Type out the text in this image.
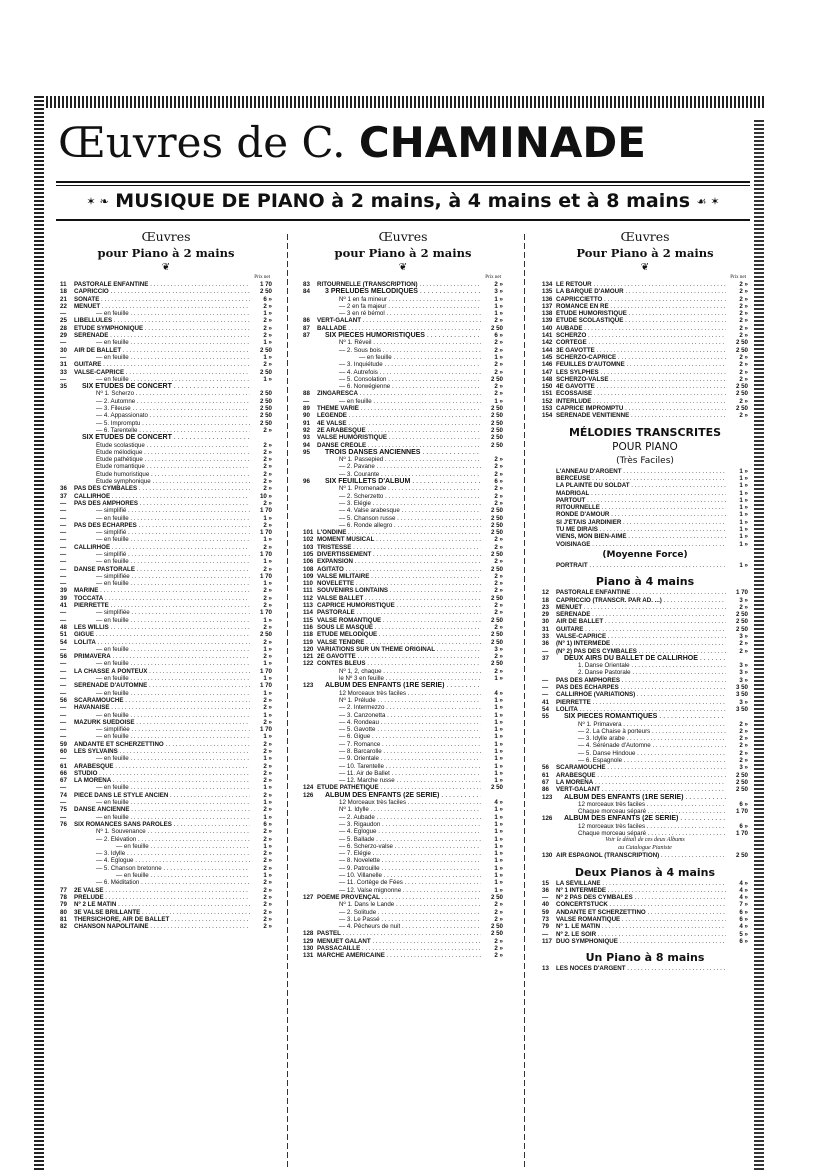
Œuvres de C. CHAMINADE
✶ ❧ MUSIQUE DE PIANO à 2 mains, à 4 mains et à 8 mains ☙ ✶
Œuvres
pour Piano à 2 mains
❦
Prix net
11	PASTORALE ENFANTINE . . .	1 70
18	CAPRICCIO . . .	2 50
21	SONATE . . .	6 »
22	MENUET . . .	2 »
—	— en feuille . . .	1 »
25	LIBELLULES . . .	2 »
28	ÉTUDE SYMPHONIQUE . . .	2 »
29	SÉRÉNADE . . .	2 »
—	— en feuille . . .	1 »
30	AIR DE BALLET . . .	2 50
—	— en feuille . . .	1 »
31	GUITARE . . .	2 »
33	VALSE-CAPRICE . . .	2 50
—	— en feuille . . .	1 »
35	SIX ÉTUDES DE CONCERT . . .
Nº 1. Scherzo . . .	2 50
— 2. Automne . . .	2 50
— 3. Fileuse . . .	2 50
— 4. Appassionato . . .	2 50
— 5. Impromptu . . .	2 50
— 6. Tarentelle . . .	2 »
SIX ÉTUDES DE CONCERT . . .
Étude scolastique . . .	2 »
Étude mélodique . . .	2 »
Étude pathétique . . .	2 »
Étude romantique . . .	2 »
Étude humoristique . . .	2 »
Étude symphonique . . .	2 »
36	PAS DES CYMBALES . . .	2 »
37	CALLIRHOË . . .	10 »
—	PAS DES AMPHORES . . .	2 »
—	— simplifié . . .	1 70
—	— en feuille . . .	1 »
—	PAS DES ÉCHARPES . . .	2 »
—	— simplifié . . .	1 70
—	— en feuille . . .	1 »
—	CALLIRHOË . . .	2 »
—	— simplifié . . .	1 70
—	— en feuille . . .	1 »
—	DANSE PASTORALE . . .	2 »
—	— simplifiée . . .	1 70
—	— en feuille . . .	1 »
39	MARINE . . .	2 »
39	TOCCATA . . .	2 »
41	PIERRETTE . . .	2 »
—	— simplifiée . . .	1 70
—	— en feuille . . .	1 »
48	LES WILLIS . . .	2 »
51	GIGUE . . .	2 50
54	LOLITA . . .	2 »
—	— en feuille . . .	1 »
56	PRIMAVERA . . .	2 »
—	— en feuille . . .	1 »
—	LA CHASSE À PONTEUX . . .	1 70
—	— en feuille . . .	1 »
—	SÉRÉNADE D'AUTOMNE . . .	1 70
—	— en feuille . . .	1 »
56	SCARAMOUCHE . . .	2 »
—	HAVANAISE . . .	2 »
—	— en feuille . . .	1 »
—	MAZURK SUÉDOISE . . .	2 »
—	— simplifiée . . .	1 70
—	— en feuille . . .	1 »
59	ANDANTE ET SCHERZETTINO . . .	2 »
60	LES SYLVAINS . . .	2 »
—	— en feuille . . .	1 »
61	ARABESQUE . . .	2 »
66	STUDIO . . .	2 »
67	LA MORENA . . .	2 »
—	— en feuille . . .	1 »
74	PIÈCE DANS LE STYLE ANCIEN . . .	2 »
—	— en feuille . . .	1 »
75	DANSE ANCIENNE . . .	2 »
—	— en feuille . . .	1 »
76	SIX ROMANCES SANS PAROLES . . .	6 »
Nº 1. Souvenance . . .	2 »
— 2. Élévation . . .	2 »
— en feuille . . .	1 »
— 3. Idylle . . .	2 »
— 4. Églogue . . .	2 »
— 5. Chanson bretonne . . .	2 »
— en feuille . . .	1 »
— 6. Méditation . . .	2 »
77	2E VALSE . . .	2 »
78	PRÉLUDE . . .	2 »
79	Nº 2 LE MATIN . . .	2 »
80	3E VALSE BRILLANTE . . .	2 »
81	THERSICHORE, AIR DE BALLET . . .	2 »
82	CHANSON NAPOLITAINE . . .	2 »
Œuvres
pour Piano à 2 mains
❦
Prix net
83	RITOURNELLE (TRANSCRIPTION) . . .	2 »
84	3 PRÉLUDES MÉLODIQUES . . .	3 »
Nº 1 en fa mineur . . .	1 »
— 2 en fa majeur . . .	1 »
— 3 en ré bémol . . .	1 »
86	VERT-GALANT . . .	2 »
87	BALLADE . . .	2 50
87	SIX PIÈCES HUMORISTIQUES . . .	6 »
Nº 1. Réveil . . .	2 »
— 2. Sous bois . . .	2 »
— en feuille . . .	1 »
— 3. Inquiétude . . .	2 »
— 4. Autrefois . . .	2 »
— 5. Consolation . . .	2 50
— 6. Norwégienne . . .	2 »
88	ZINGARESCA . . .	2 »
—	— en feuille . . .	1 »
89	THÈME VARIÉ . . .	2 50
90	LÉGENDE . . .	2 50
91	4E VALSE . . .	2 50
92	2E ARABESQUE . . .	2 50
93	VALSE HUMORISTIQUE . . .	2 50
94	DANSE CRÉOLE . . .	2 50
95	TROIS DANSES ANCIENNES . . .
Nº 1. Passepied . . .	2 »
— 2. Pavane . . .	2 »
— 3. Courante . . .	2 »
96	SIX FEUILLETS D'ALBUM . . .	6 »
Nº 1. Promenade . . .	2 »
— 2. Scherzetto . . .	2 »
— 3. Élégie . . .	2 »
— 4. Valse arabesque . . .	2 50
— 5. Chanson russe . . .	2 50
— 6. Ronde allegro . . .	2 50
101 L'ONDINE . . .	2 50
102 MOMENT MUSICAL . . .	2 »
103 TRISTESSE . . .	2 »
105 DIVERTISSEMENT . . .	2 50
106 EXPANSION . . .	2 »
108 AGITATO . . .	2 50
109 VALSE MILITAIRE . . .	2 »
110 NOVELETTE . . .	2 »
111 SOUVENIRS LOINTAINS . . .	2 »
112 VALSE BALLET . . .	2 50
113 CAPRICE HUMORISTIQUE . . .	2 »
114 PASTORALE . . .	2 »
115 VALSE ROMANTIQUE . . .	2 50
116 SOUS LE MASQUE . . .	2 »
118 ÉTUDE MÉLODIQUE . . .	2 50
119 VALSE TENDRE . . .	2 50
120 VARIATIONS SUR UN THÈME ORIGINAL . . .	3 »
121 2E GAVOTTE . . .	2 »
122 CONTES BLEUS . . .	2 50
Nº 1, 2, chaque . . .	2 »
le Nº 3 en feuille . . .	1 »
123	ALBUM DES ENFANTS (1RE SÉRIE) . . .
12 Morceaux très faciles . . .	4 »
Nº 1. Prélude . . .	1 »
— 2. Intermezzo . . .	1 »
— 3. Canzonetta . . .	1 »
— 4. Rondeau . . .	1 »
— 5. Gavotte . . .	1 »
— 6. Gigue . . .	1 »
— 7. Romance . . .	1 »
— 8. Barcarolle . . .	1 »
— 9. Orientale . . .	1 »
— 10. Tarentelle . . .	1 »
— 11. Air de Ballet . . .	1 »
— 12. Marche russe . . .	1 »
124 ÉTUDE PATHÉTIQUE . . .	2 50
126	ALBUM DES ENFANTS (2E SÉRIE) . . .
12 Morceaux très faciles . . .	4 »
Nº 1. Idylle . . .	1 »
— 2. Aubade . . .	1 »
— 3. Rigaudon . . .	1 »
— 4. Églogue . . .	1 »
— 5. Ballade . . .	1 »
— 6. Scherzo-valse . . .	1 »
— 7. Élégie . . .	1 »
— 8. Novelette . . .	1 »
— 9. Patrouille . . .	1 »
— 10. Villanelle . . .	1 »
— 11. Cortège de Fées . . .	1 »
— 12. Valse mignonne . . .	1 »
127 POÈME PROVENÇAL . . .	2 50
Nº 1. Dans le Lande . . .	2 »
— 2. Solitude . . .	2 »
— 3. Le Passé . . .	2 »
— 4. Pêcheurs de nuit . . .	2 50
128 PASTEL . . .	2 50
129 MENUET GALANT . . .	2 »
130 PASSACAILLE . . .	2 »
131 MARCHE AMÉRICAINE . . .	2 »
Œuvres
Pour Piano à 2 mains
❦
Prix net
134 LE RETOUR . . .	2 »
135 LA BARQUE D'AMOUR . . .	2 »
136 CAPRICCIETTO . . .	2 »
137 ROMANCE EN RÉ . . .	2 »
138 ÉTUDE HUMORISTIQUE . . .	2 »
139 ÉTUDE SCOLASTIQUE . . .	2 »
140 AUBADE . . .	2 »
141 SCHERZO . . .	2 »
142 CORTÈGE . . .	2 50
144 3E GAVOTTE . . .	2 50
145 SCHERZO-CAPRICE . . .	2 »
146 FEUILLES D'AUTOMNE . . .	2 »
147 LES SYLPHES . . .	2 »
148 SCHERZO-VALSE . . .	2 »
150 4E GAVOTTE . . .	2 50
151 ÉCOSSAISE . . .	2 50
152 INTERLUDE . . .	2 »
153 CAPRICE IMPROMPTU . . .	2 50
154 SÉRÉNADE VÉNITIENNE . . .	2 »
MÉLODIES TRANSCRITES
POUR PIANO
(Très Faciles)
L'ANNEAU D'ARGENT . . .	1 »
BERCEUSE . . .	1 »
LA PLAINTE DU SOLDAT . . .	1 »
MADRIGAL . . .	1 »
PARTOUT . . .	1 »
RITOURNELLE . . .	1 »
RONDE D'AMOUR . . .	1 »
SI J'ÉTAIS JARDINIER . . .	1 »
TU ME DIRAIS . . .	1 »
VIENS, MON BIEN-AIMÉ . . .	1 »
VOISINAGE . . .	1 »
(Moyenne Force)
PORTRAIT . . .	1 »
Piano à 4 mains
12	PASTORALE ENFANTINE . . .	1 70
18	CAPRICCIO (TRANSCR. PAR AD. ...) . . .	3 »
23	MENUET . . .	2 »
29	SÉRÉNADE . . .	2 50
30	AIR DE BALLET . . .	2 50
31	GUITARE . . .	2 50
33	VALSE-CAPRICE . . .	3 »
36	(Nº 1) INTERMÈDE . . .	2 »
—	(Nº 2) PAS DES CYMBALES . . .	2 »
37	DEUX AIRS DU BALLET DE CALLIRHOË . . .
1. Danse Orientale . . .	3 »
2. Danse Pastorale . . .	3 »
—	PAS DES AMPHORES . . .	3 »
—	PAS DES ÉCHARPES . . .	3 50
—	CALLIRHOË (VARIATIONS) . . .	3 50
41	PIERRETTE . . .	3 »
54	LOLITA . . .	3 50
55	SIX PIÈCES ROMANTIQUES . . .
Nº 1. Primavera . . .	2 »
— 2. La Chaise à porteurs . . .	2 »
— 3. Idylle arabe . . .	2 »
— 4. Sérénade d'Automne . . .	2 »
— 5. Danse Hindoue . . .	2 »
— 6. Espagnole . . .	2 »
56	SCARAMOUCHE . . .	3 »
61	ARABESQUE . . .	2 50
67	LA MORENA . . .	2 50
86	VERT-GALANT . . .	2 50
123	ALBUM DES ENFANTS (1RE SÉRIE) . . .
12 morceaux très faciles . . .	6 »
Chaque morceau séparé . . .	1 70
126	ALBUM DES ENFANTS (2E SÉRIE) . . .
12 morceaux très faciles . . .	6 »
Chaque morceau séparé . . .	1 70
Voir le détail de ces deux Albums
au Catalogue Pianiste
130 AIR ESPAGNOL (TRANSCRIPTION) . . .	2 50
Deux Pianos à 4 mains
15	LA SÉVILLANE . . .	4 »
36	Nº 1 INTERMÈDE . . .	4 »
—	Nº 2 PAS DES CYMBALES . . .	4 »
40	CONCERTSTÜCK . . .	7 »
59	ANDANTE ET SCHERZETTINO . . .	6 »
73	VALSE ROMANTIQUE . . .	6 »
79	Nº 1. LE MATIN . . .	4 »
—	Nº 2. LE SOIR . . .	5 »
117 DUO SYMPHONIQUE . . .	6 »
Un Piano à 8 mains
13	LES NOCES D'ARGENT . . .
